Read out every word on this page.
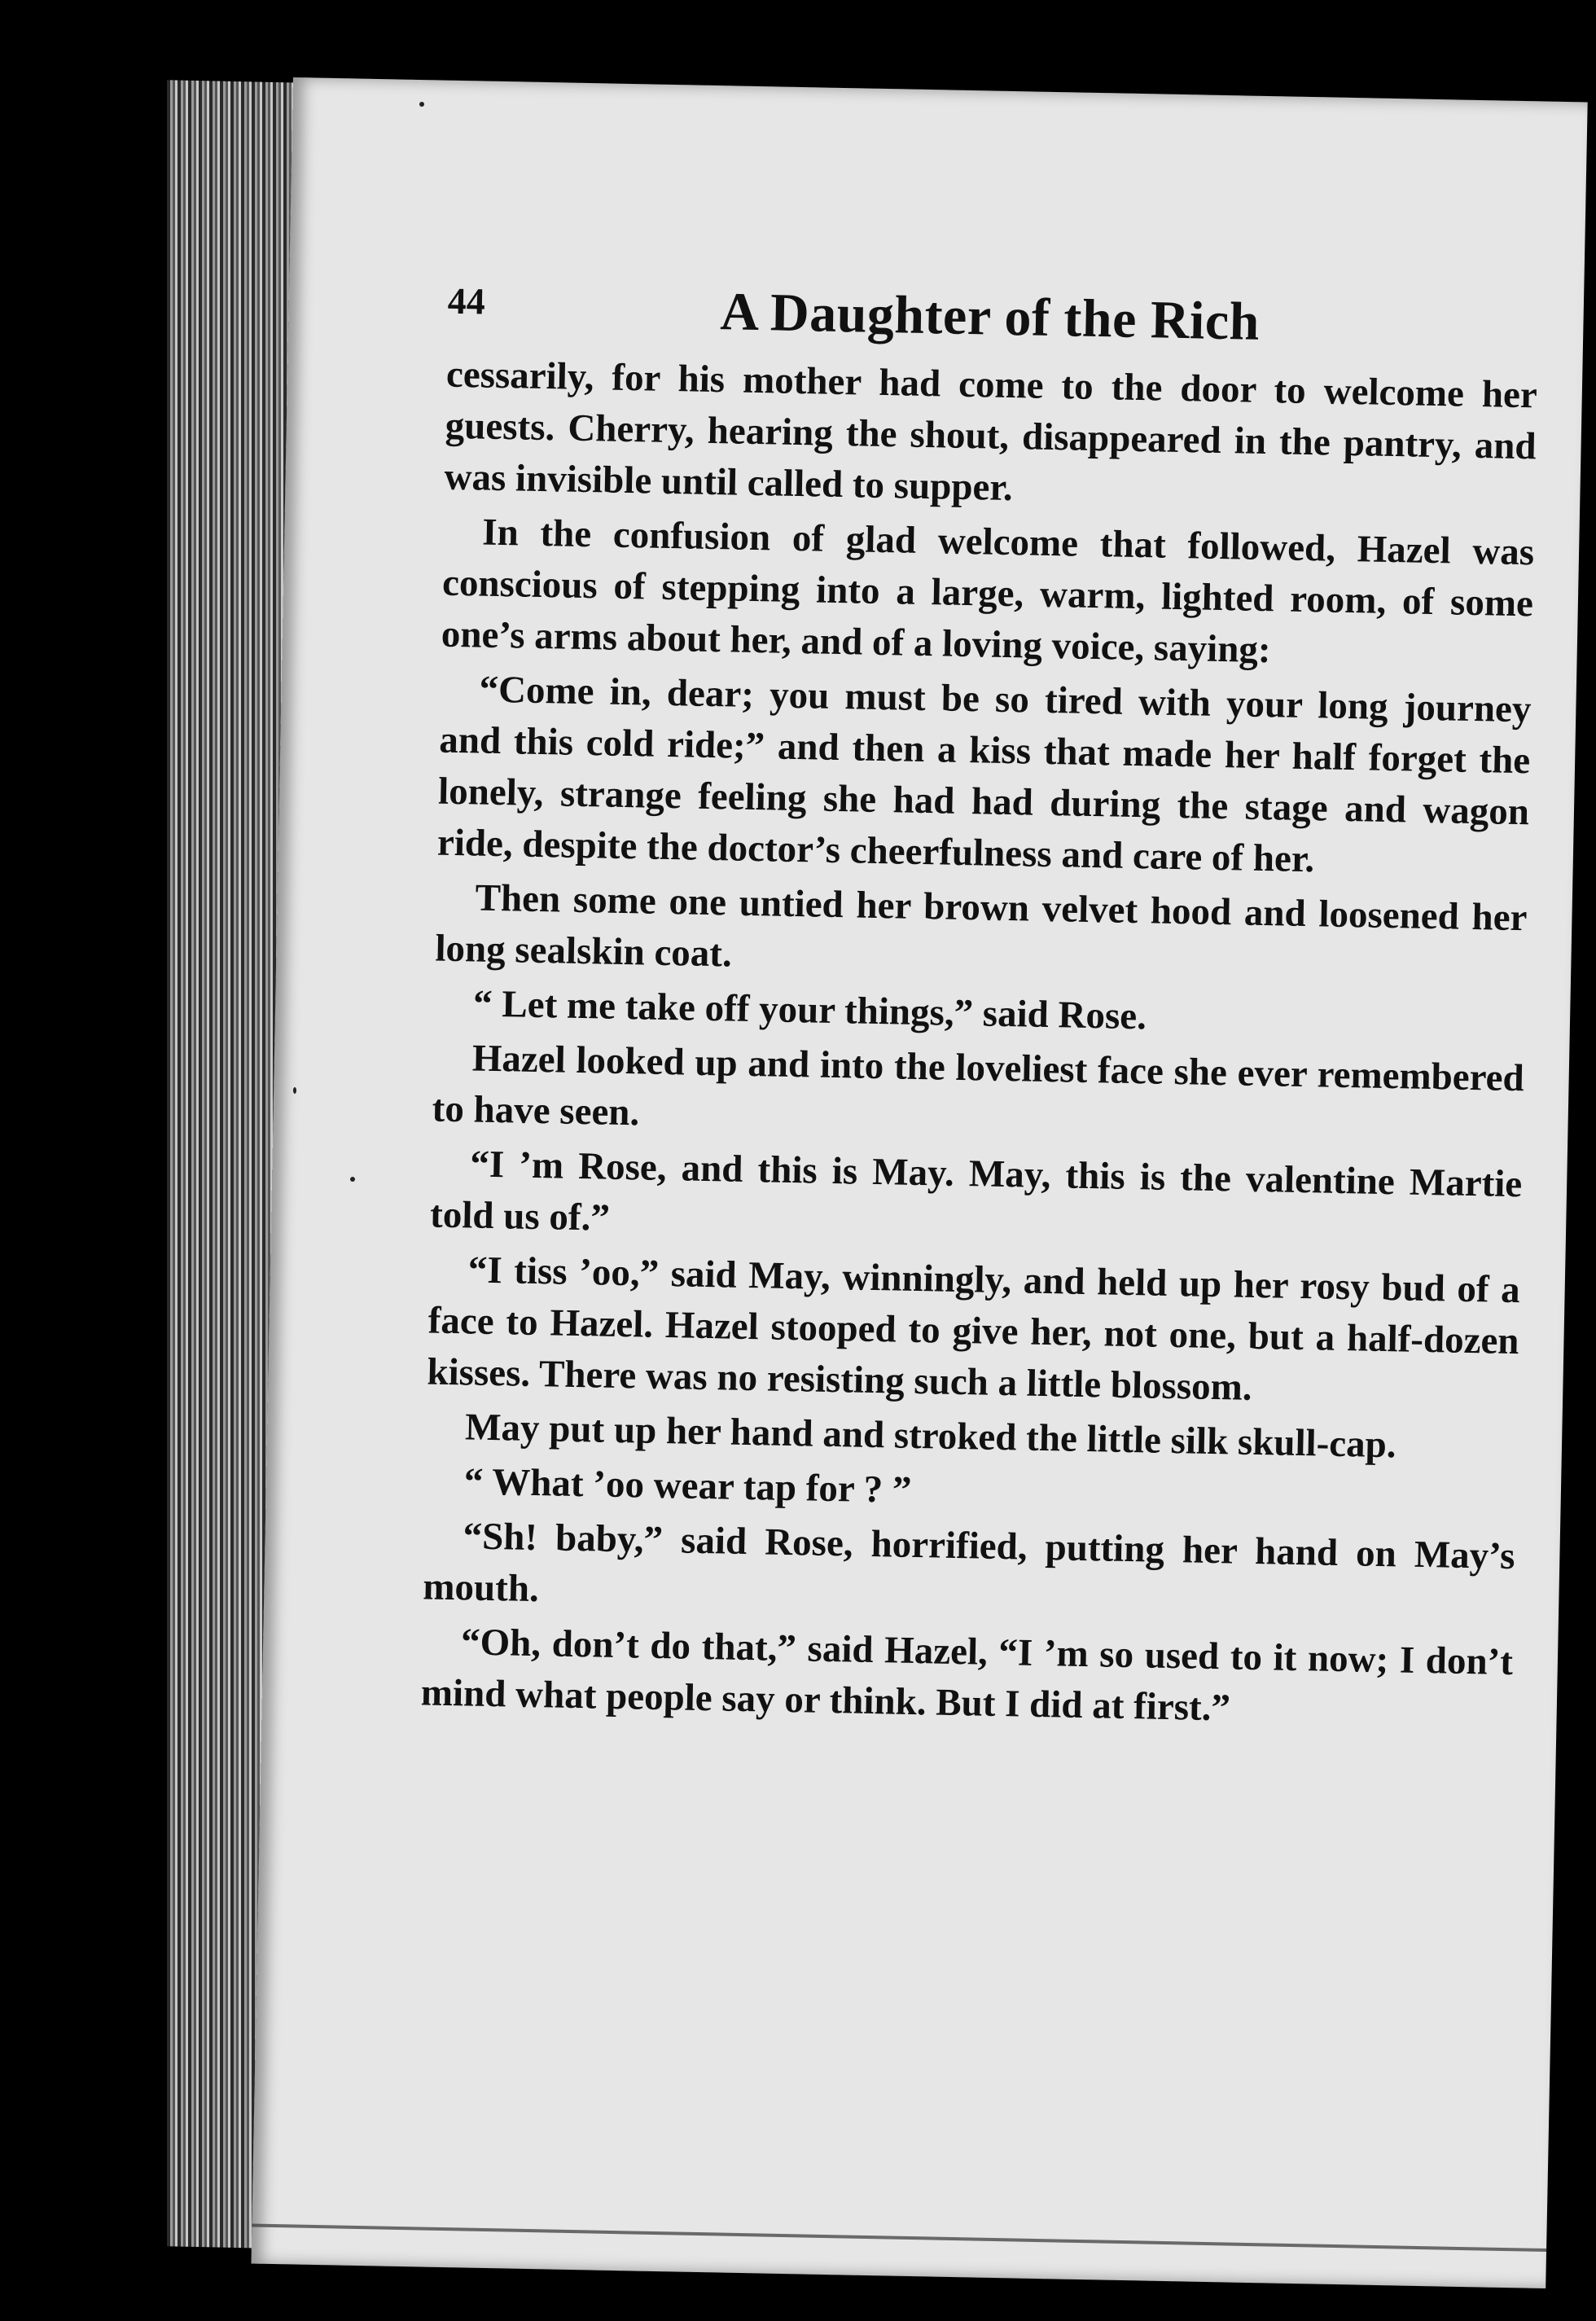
44	A Daughter of the Rich

cessarily, for his mother had come to the door to welcome her guests. Cherry, hearing the shout, disappeared in the pantry, and was invisible until called to supper.

In the confusion of glad welcome that followed, Hazel was conscious of stepping into a large, warm, lighted room, of some one’s arms about her, and of a loving voice, saying:

“Come in, dear; you must be so tired with your long journey and this cold ride;” and then a kiss that made her half forget the lonely, strange feeling she had had during the stage and wagon ride, despite the doctor’s cheerfulness and care of her.

Then some one untied her brown velvet hood and loosened her long sealskin coat.

“ Let me take off your things,” said Rose.

Hazel looked up and into the loveliest face she ever remembered to have seen.

“I ’m Rose, and this is May. May, this is the valentine Martie told us of.”

“I tiss ’oo,” said May, winningly, and held up her rosy bud of a face to Hazel. Hazel stooped to give her, not one, but a half-dozen kisses. There was no resisting such a little blossom.

May put up her hand and stroked the little silk skull-cap.

“ What ’oo wear tap for ? ”

“Sh! baby,” said Rose, horrified, putting her hand on May’s mouth.

“Oh, don’t do that,” said Hazel, “I ’m so used to it now; I don’t mind what people say or think. But I did at first.”
